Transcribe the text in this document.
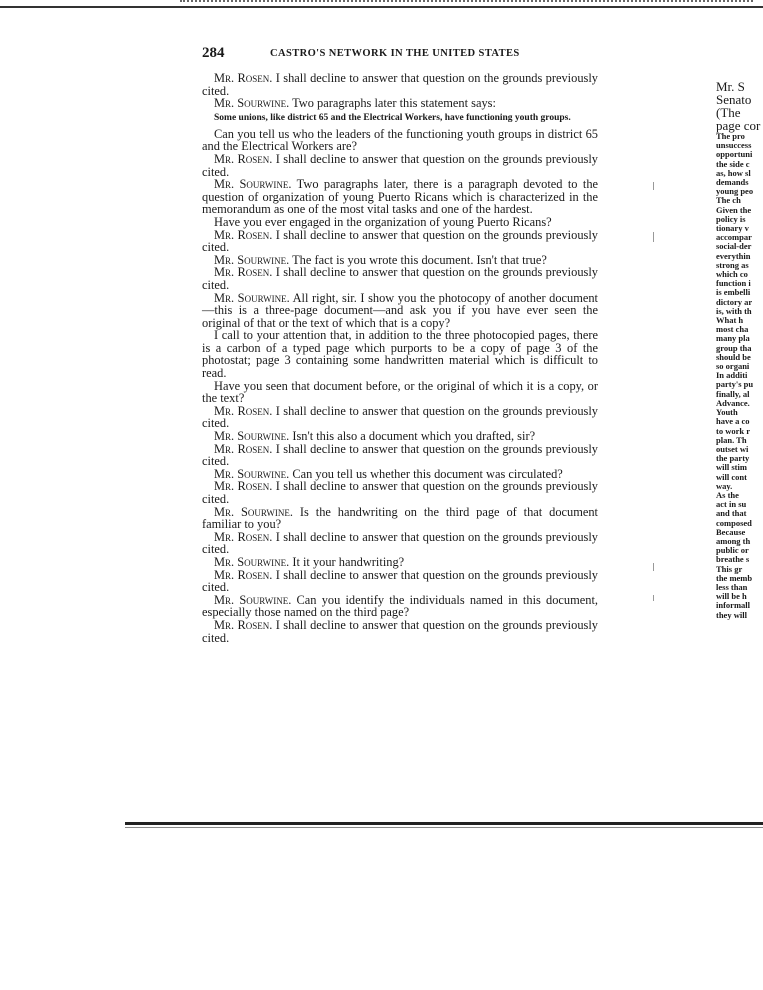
284	CASTRO'S NETWORK IN THE UNITED STATES

Mr. Rosen. I shall decline to answer that question on the grounds previously cited.

Mr. Sourwine. Two paragraphs later this statement says:

Some unions, like district 65 and the Electrical Workers, have functioning youth groups.

Can you tell us who the leaders of the functioning youth groups in district 65 and the Electrical Workers are?

Mr. Rosen. I shall decline to answer that question on the grounds previously cited.

Mr. Sourwine. Two paragraphs later, there is a paragraph devoted to the question of organization of young Puerto Ricans which is characterized in the memorandum as one of the most vital tasks and one of the hardest.

Have you ever engaged in the organization of young Puerto Ricans?

Mr. Rosen. I shall decline to answer that question on the grounds previously cited.

Mr. Sourwine. The fact is you wrote this document. Isn't that true?

Mr. Rosen. I shall decline to answer that question on the grounds previously cited.

Mr. Sourwine. All right, sir. I show you the photocopy of another document—this is a three-page document—and ask you if you have ever seen the original of that or the text of which that is a copy?

I call to your attention that, in addition to the three photocopied pages, there is a carbon of a typed page which purports to be a copy of page 3 of the photostat; page 3 containing some handwritten material which is difficult to read.

Have you seen that document before, or the original of which it is a copy, or the text?

Mr. Rosen. I shall decline to answer that question on the grounds previously cited.

Mr. Sourwine. Isn't this also a document which you drafted, sir?

Mr. Rosen. I shall decline to answer that question on the grounds previously cited.

Mr. Sourwine. Can you tell us whether this document was circulated?

Mr. Rosen. I shall decline to answer that question on the grounds previously cited.

Mr. Sourwine. Is the handwriting on the third page of that document familiar to you?

Mr. Rosen. I shall decline to answer that question on the grounds previously cited.

Mr. Sourwine. It it your handwriting?

Mr. Rosen. I shall decline to answer that question on the grounds previously cited.

Mr. Sourwine. Can you identify the individuals named in this document, especially those named on the third page?

Mr. Rosen. I shall decline to answer that question on the grounds previously cited.

Mr. S
Senato
(The
page cor
The pro
unsuccess
opportuni
the side c
as, how sl
demands
young peo
The ch
Given the
policy is
tionary v
accompar
social-der
everythin
strong as
which co
function i
is embelli
dictory ar
is, with th
What h
most cha
many pla
group tha
should be
so organi
In additi
party's pu
finally, al
Advance.
Youth
have a co
to work r
plan. Th
outset wi
the party
will stim
will cont
way.
As the
act in su
and that
composed
Because
among th
public or
breathe s
This gr
the memb
less than
will be h
informall
they will
